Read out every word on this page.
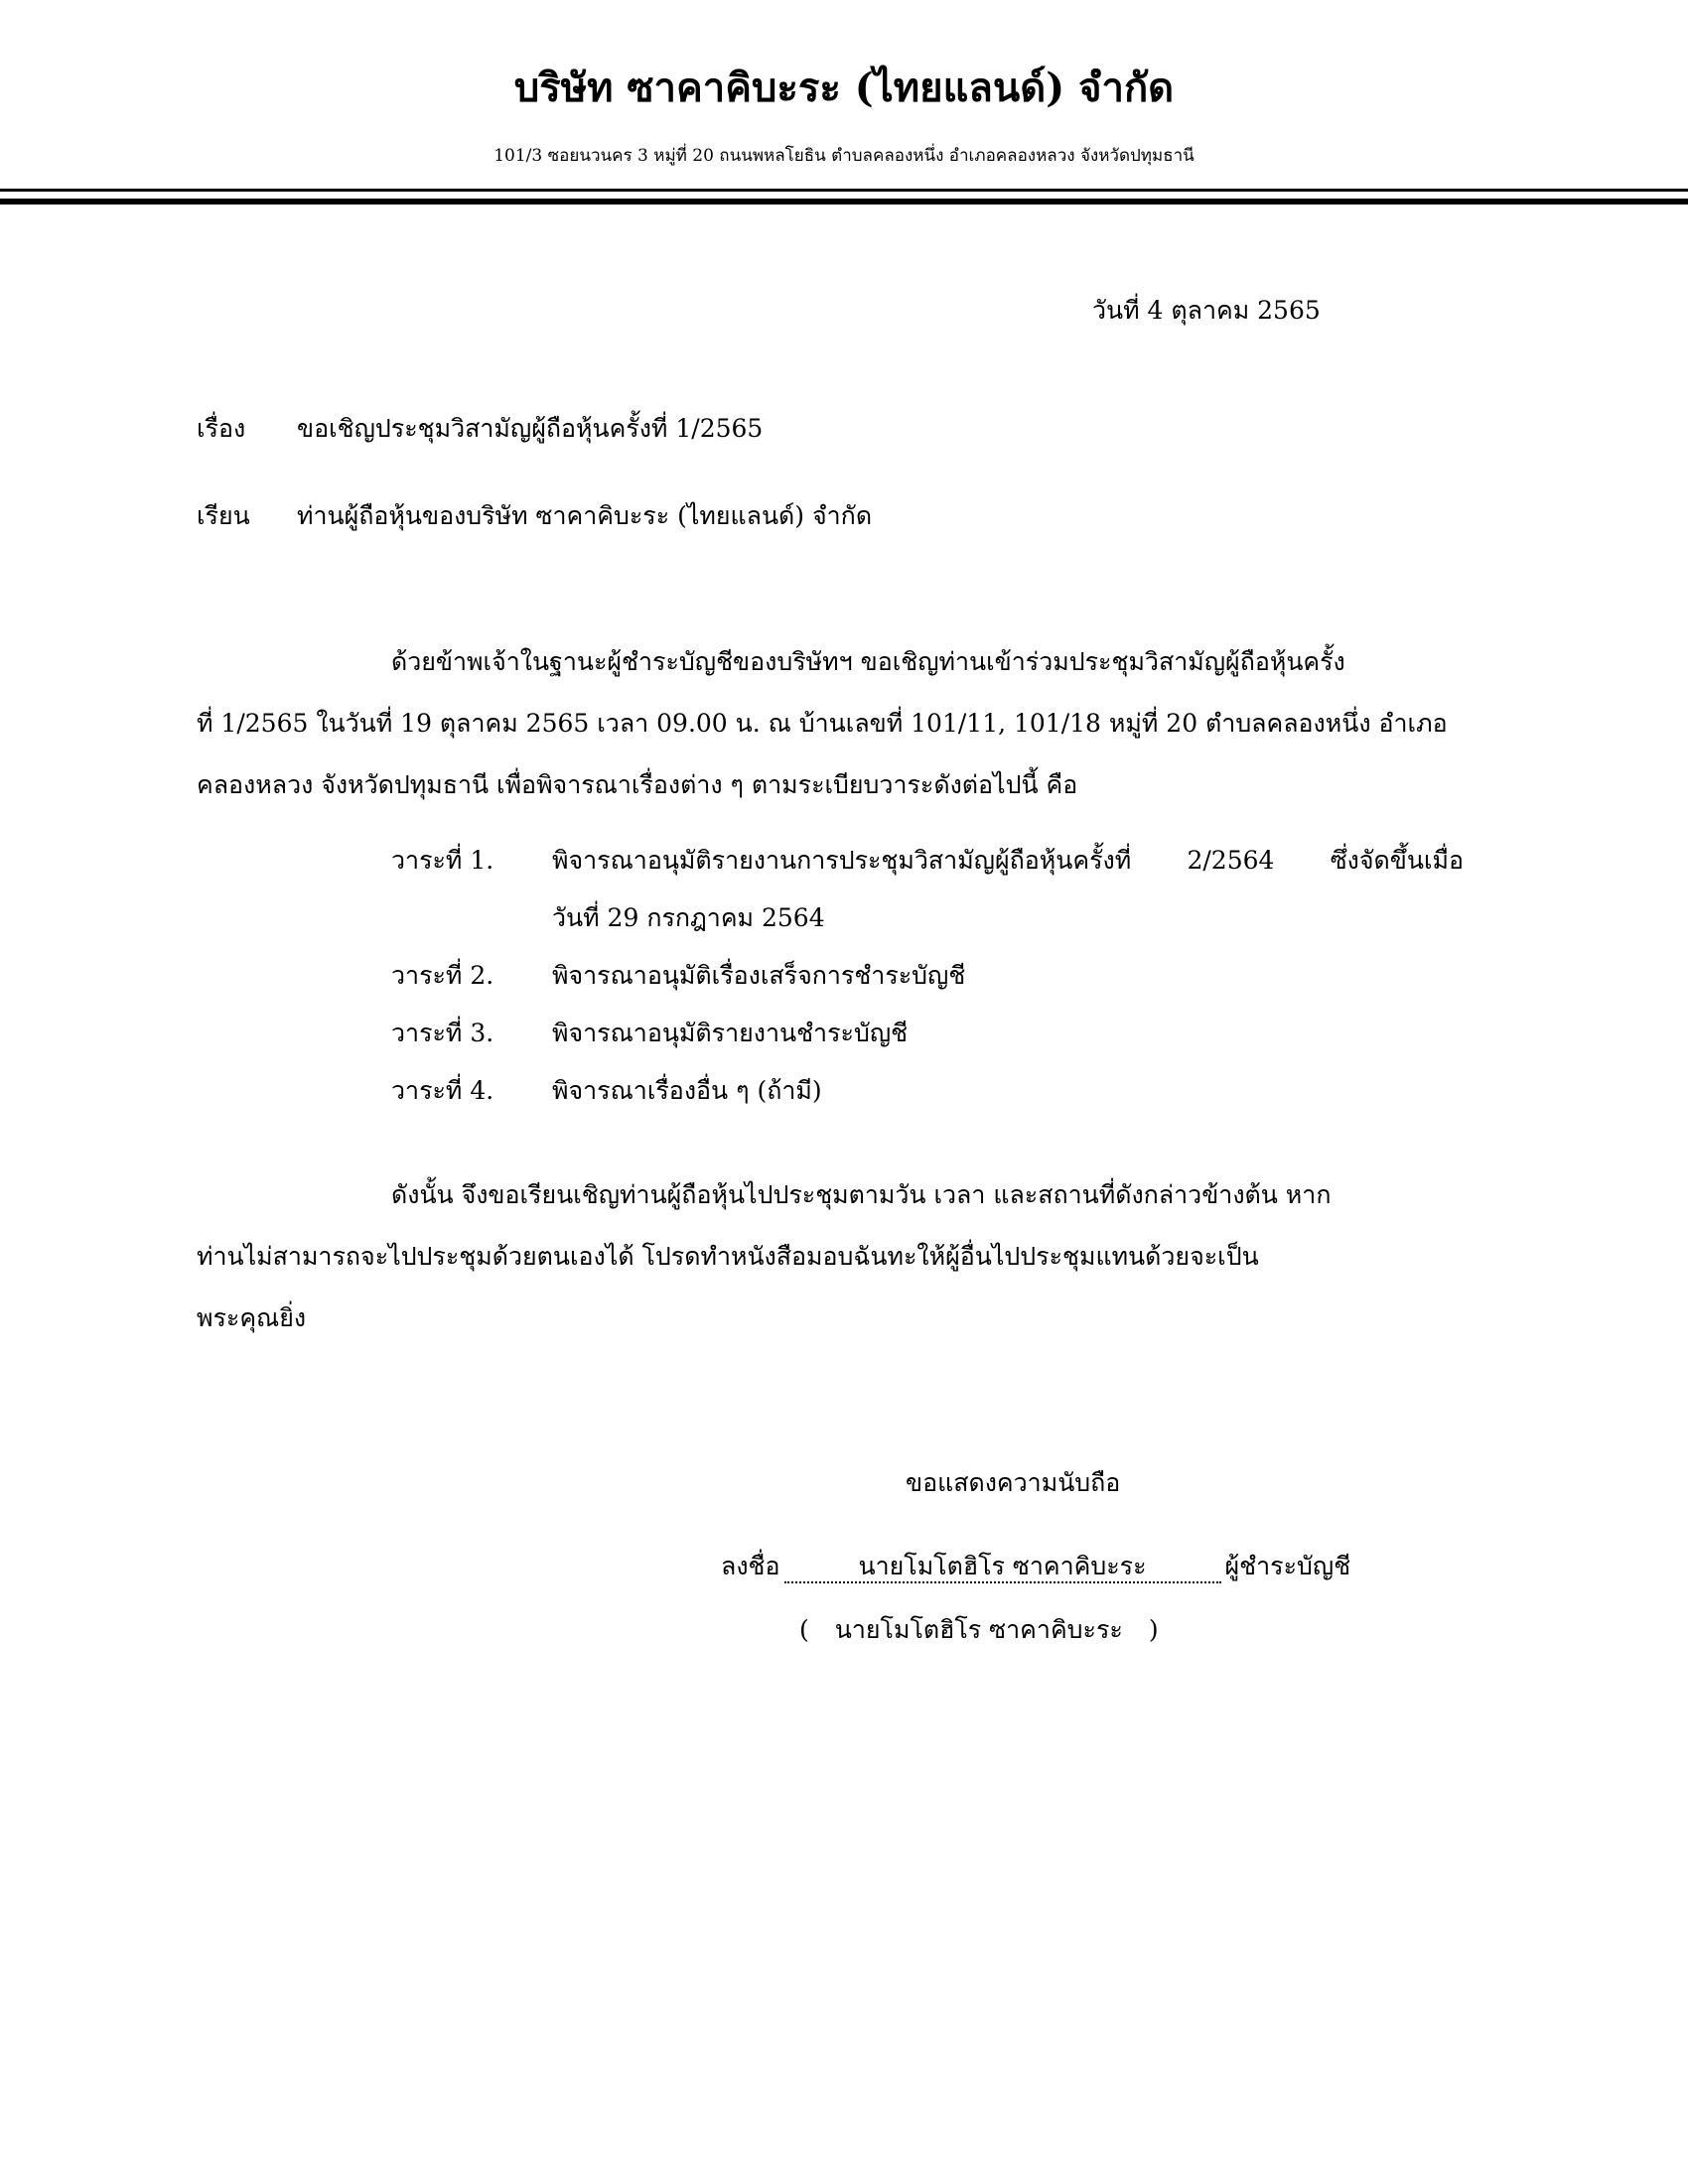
บริษัท ซาคาคิบะระ (ไทยแลนด์) จำกัด
101/3 ซอยนวนคร 3 หมู่ที่ 20 ถนนพหลโยธิน ตำบลคลองหนึ่ง อำเภอคลองหลวง จังหวัดปทุมธานี
วันที่ 4 ตุลาคม 2565
เรื่อง ขอเชิญประชุมวิสามัญผู้ถือหุ้นครั้งที่ 1/2565
เรียน ท่านผู้ถือหุ้นของบริษัท ซาคาคิบะระ (ไทยแลนด์) จำกัด
ด้วยข้าพเจ้าในฐานะผู้ชำระบัญชีของบริษัทฯ ขอเชิญท่านเข้าร่วมประชุมวิสามัญผู้ถือหุ้นครั้ง
ที่ 1/2565 ในวันที่ 19 ตุลาคม 2565 เวลา 09.00 น. ณ บ้านเลขที่ 101/11, 101/18 หมู่ที่ 20 ตำบลคลองหนึ่ง อำเภอ
คลองหลวง จังหวัดปทุมธานี เพื่อพิจารณาเรื่องต่าง ๆ ตามระเบียบวาระดังต่อไปนี้ คือ
วาระที่ 1. พิจารณาอนุมัติรายงานการประชุมวิสามัญผู้ถือหุ้นครั้งที่ 2/2564 ซึ่งจัดขึ้นเมื่อ
วันที่ 29 กรกฎาคม 2564
วาระที่ 2. พิจารณาอนุมัติเรื่องเสร็จการชำระบัญชี
วาระที่ 3. พิจารณาอนุมัติรายงานชำระบัญชี
วาระที่ 4. พิจารณาเรื่องอื่น ๆ (ถ้ามี)
ดังนั้น จึงขอเรียนเชิญท่านผู้ถือหุ้นไปประชุมตามวัน เวลา และสถานที่ดังกล่าวข้างต้น หาก
ท่านไม่สามารถจะไปประชุมด้วยตนเองได้ โปรดทำหนังสือมอบฉันทะให้ผู้อื่นไปประชุมแทนด้วยจะเป็น
พระคุณยิ่ง
ขอแสดงความนับถือ
ลงชื่อ	นายโมโตฮิโร ซาคาคิบะระ	ผู้ชำระบัญชี
( นายโมโตฮิโร ซาคาคิบะระ )
